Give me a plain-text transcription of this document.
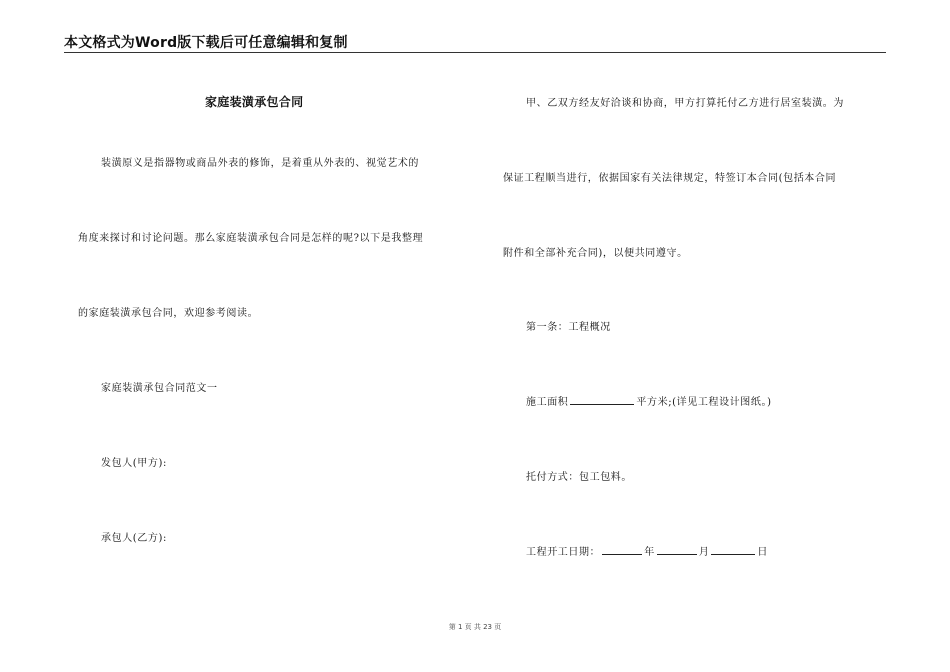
本文格式为Word版下载后可任意编辑和复制
家庭装潢承包合同
装潢原义是指器物或商品外表的修饰，是着重从外表的、视觉艺术的
角度来探讨和讨论问题。那么家庭装潢承包合同是怎样的呢?以下是我整理
的家庭装潢承包合同，欢迎参考阅读。
家庭装潢承包合同范文一
发包人(甲方):
承包人(乙方):
甲、乙双方经友好洽谈和协商，甲方打算托付乙方进行居室装潢。为
保证工程顺当进行，依据国家有关法律规定，特签订本合同(包括本合同
附件和全部补充合同)，以便共同遵守。
第一条：工程概况
施工面积	平方米;(详见工程设计图纸。)
托付方式：包工包料。
工程开工日期：	年	月	日
第 1 页 共 23 页
